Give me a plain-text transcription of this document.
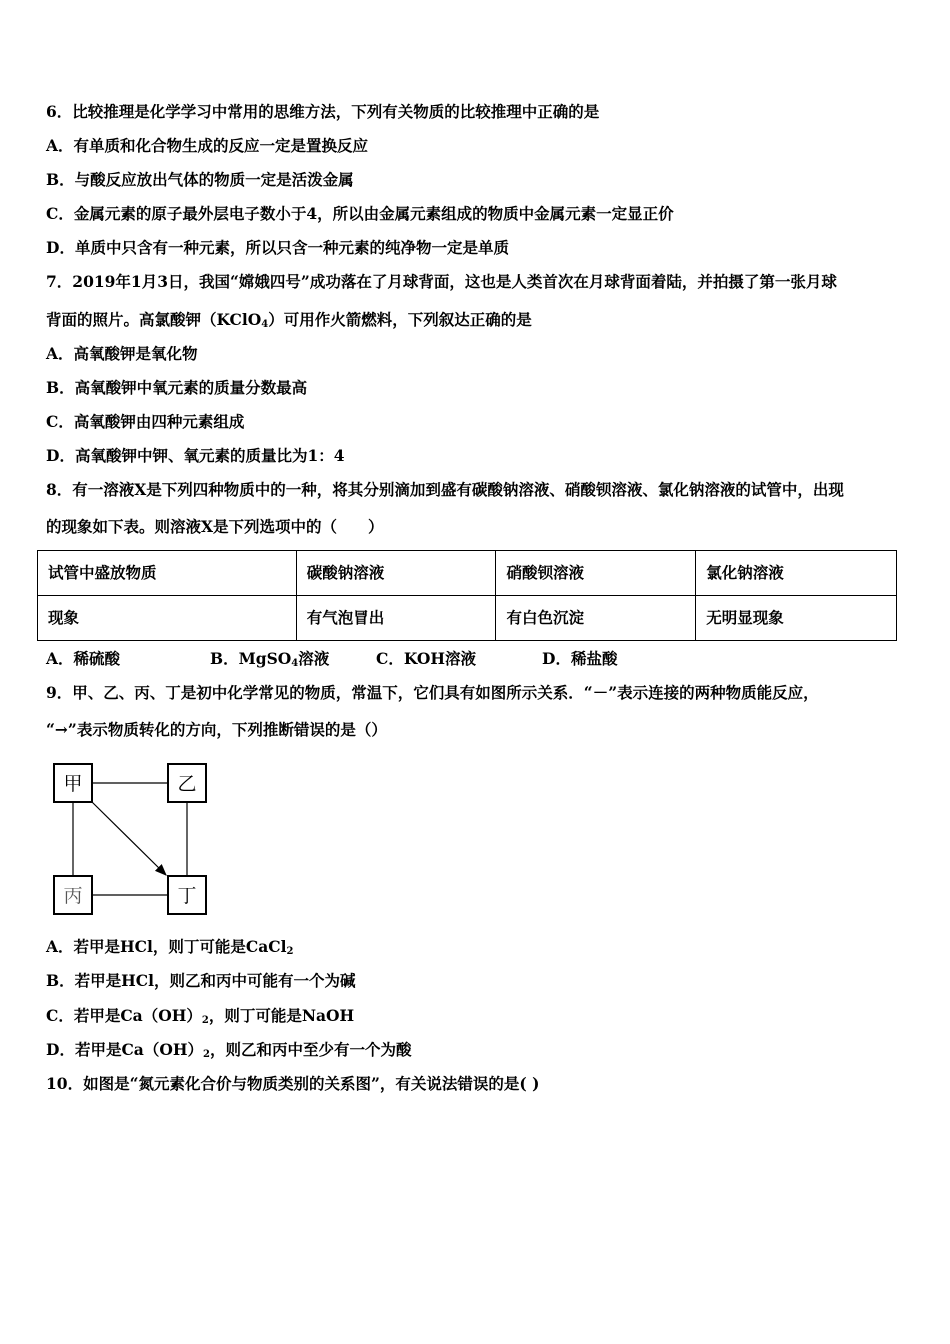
6．比较推理是化学学习中常用的思维方法，下列有关物质的比较推理中正确的是
A．有单质和化合物生成的反应一定是置换反应
B．与酸反应放出气体的物质一定是活泼金属
C．金属元素的原子最外层电子数小于4，所以由金属元素组成的物质中金属元素一定显正价
D．单质中只含有一种元素，所以只含一种元素的纯净物一定是单质
7．2019年1月3日，我国“嫦娥四号”成功落在了月球背面，这也是人类首次在月球背面着陆，并拍摄了第一张月球
背面的照片。高氯酸钾（KClO$_4$）可用作火箭燃料，下列叙达正确的是
A．高氧酸钾是氧化物
B．高氧酸钾中氧元素的质量分数最高
C．高氧酸钾由四种元素组成
D．高氧酸钾中钾、氧元素的质量比为1：4
8．有一溶液X是下列四种物质中的一种，将其分别滴加到盛有碳酸钠溶液、硝酸钡溶液、氯化钠溶液的试管中，出现
的现象如下表。则溶液X是下列选项中的（　　）
试管中盛放物质	碳酸钠溶液	硝酸钡溶液	氯化钠溶液
现象	有气泡冒出	有白色沉淀	无明显现象
A．稀硫酸	B．MgSO$_4$溶液	C．KOH溶液	D．稀盐酸
9．甲、乙、丙、丁是初中化学常见的物质，常温下，它们具有如图所示关系．“－”表示连接的两种物质能反应，
“→”表示物质转化的方向，下列推断错误的是（）
甲	乙
丙	丁
A．若甲是HCl，则丁可能是CaCl$_2$
B．若甲是HCl，则乙和丙中可能有一个为碱
C．若甲是$Ca(OH)_2$，则丁可能是NaOH
D．若甲是$Ca(OH)_2$，则乙和丙中至少有一个为酸
10．如图是“氮元素化合价与物质类别的关系图”，有关说法错误的是( )
